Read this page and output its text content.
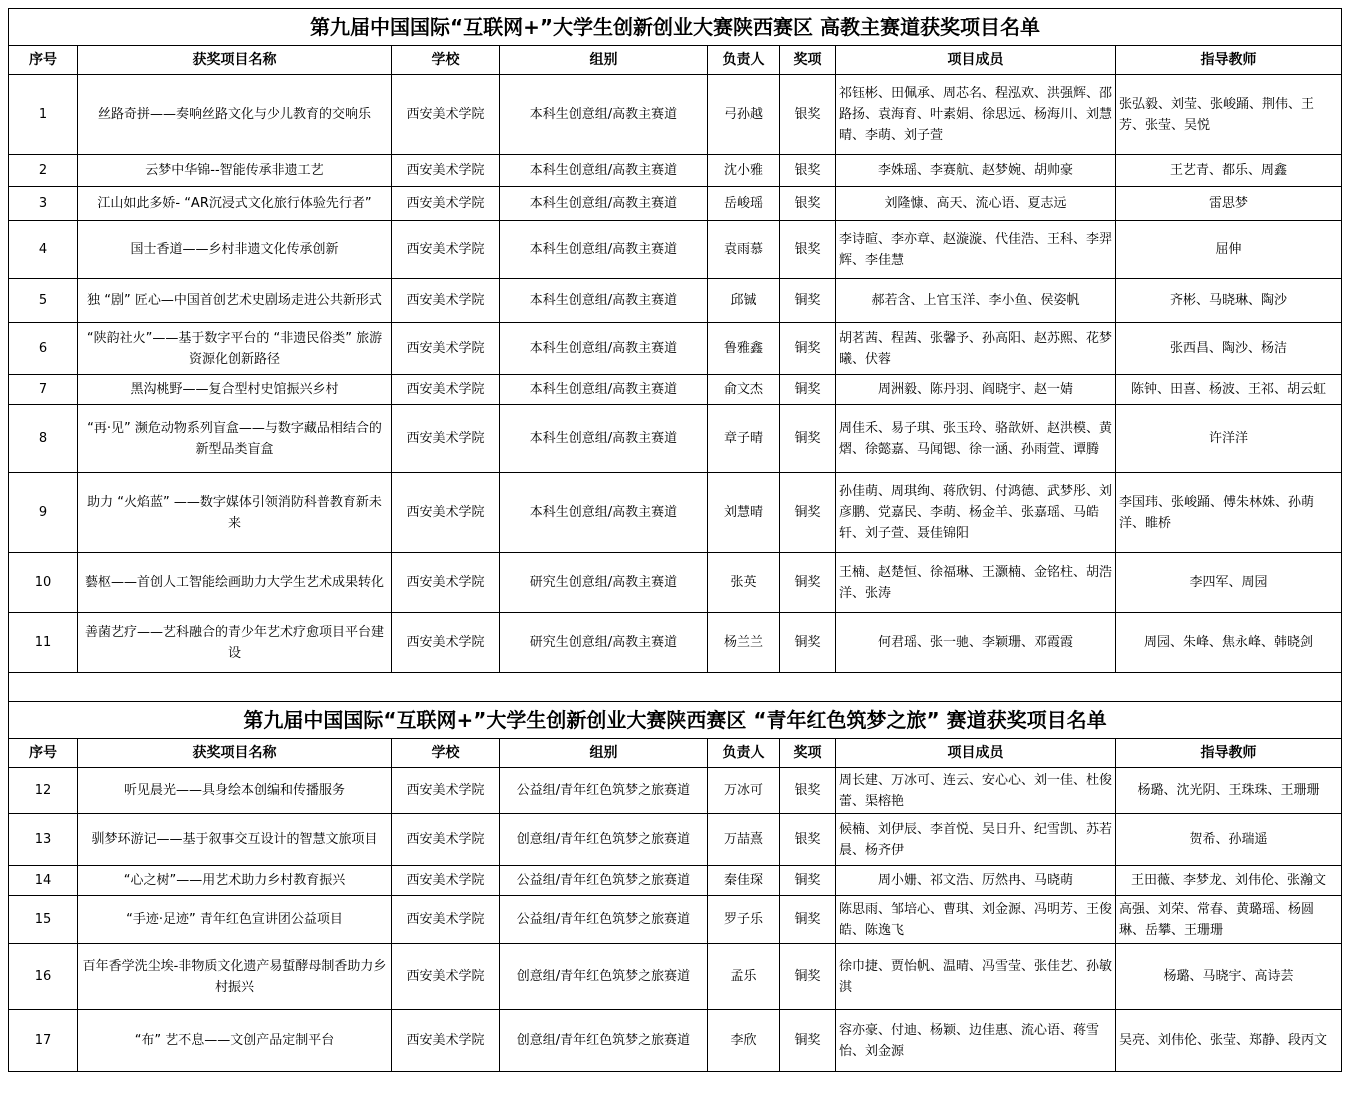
第九届中国国际“互联网+”大学生创新创业大赛陕西赛区 高教主赛道获奖项目名单							
序号	获奖项目名称	学校	组别	负责人	奖项	项目成员	指导教师
1	丝路奇拼——奏响丝路文化与少儿教育的交响乐	西安美术学院	本科生创意组/高教主赛道	弓孙越	银奖	祁钰彬、田佩承、周芯名、程泓欢、洪强辉、邵路扬、袁海育、叶素娟、徐思远、杨海川、刘慧晴、李萌、刘子萱	张弘毅、刘莹、张峻踊、荆伟、王芳、张莹、吴悦
2	云梦中华锦--智能传承非遗工艺	西安美术学院	本科生创意组/高教主赛道	沈小雅	银奖	李姝瑶、李赛航、赵梦婉、胡帅豪	王艺青、都乐、周鑫
3	江山如此多娇- “AR沉浸式文化旅行体验先行者”	西安美术学院	本科生创意组/高教主赛道	岳峻瑶	银奖	刘隆慷、高天、流心语、夏志远	雷思梦
4	国士香道——乡村非遗文化传承创新	西安美术学院	本科生创意组/高教主赛道	袁雨慕	银奖	李诗暄、李亦章、赵漩漩、代佳浩、王科、李羿辉、李佳慧	屈伸
5	独 “剧” 匠心—中国首创艺术史剧场走进公共新形式	西安美术学院	本科生创意组/高教主赛道	邱铖	铜奖	郝若含、上官玉洋、李小鱼、侯姿帆	齐彬、马晓琳、陶沙
6	“陕韵社火”——基于数字平台的 “非遗民俗类” 旅游资源化创新路径	西安美术学院	本科生创意组/高教主赛道	鲁雅鑫	铜奖	胡茗茜、程茜、张馨予、孙高阳、赵苏熙、花梦曦、伏蓉	张西昌、陶沙、杨洁
7	黑沟桃野——复合型村史馆振兴乡村	西安美术学院	本科生创意组/高教主赛道	俞文杰	铜奖	周洲毅、陈丹羽、阎晓宇、赵一婧	陈钟、田喜、杨波、王祁、胡云虹
8	“再·见” 濒危动物系列盲盒——与数字藏品相结合的新型品类盲盒	西安美术学院	本科生创意组/高教主赛道	章子晴	铜奖	周佳禾、易子琪、张玉玲、骆歆妍、赵洪模、黄熠、徐懿嘉、马闻锶、徐一涵、孙雨萱、谭腾	许洋洋
9	助力 “火焰蓝” ——数字媒体引领消防科普教育新未来	西安美术学院	本科生创意组/高教主赛道	刘慧晴	铜奖	孙佳萌、周琪绚、蒋欣钥、付鸿德、武梦彤、刘彦鹏、党嘉民、李萌、杨金羊、张嘉瑶、马皓轩、刘子萱、聂佳锦阳	李国玮、张峻踊、傅朱林姝、孙萌洋、睢桥
10	藝枢——首创人工智能绘画助力大学生艺术成果转化	西安美术学院	研究生创意组/高教主赛道	张英	铜奖	王楠、赵楚恒、徐福琳、王灏楠、金铭柱、胡浩洋、张涛	李四军、周园
11	善菌艺疗——艺科融合的青少年艺术疗愈项目平台建设	西安美术学院	研究生创意组/高教主赛道	杨兰兰	铜奖	何君瑶、张一驰、李颖珊、邓霞霞	周园、朱峰、焦永峰、韩晓剑

第九届中国国际“互联网+”大学生创新创业大赛陕西赛区 “青年红色筑梦之旅” 赛道获奖项目名单							
序号	获奖项目名称	学校	组别	负责人	奖项	项目成员	指导教师
12	听见晨光——具身绘本创编和传播服务	西安美术学院	公益组/青年红色筑梦之旅赛道	万冰可	银奖	周长建、万冰可、连云、安心心、刘一佳、杜俊蕾、渠榕艳	杨璐、沈光阴、王珠珠、王珊珊
13	驯梦环游记——基于叙事交互设计的智慧文旅项目	西安美术学院	创意组/青年红色筑梦之旅赛道	万喆熹	银奖	候楠、刘伊辰、李首悦、吴日升、纪雪凯、苏若晨、杨齐伊	贺希、孙瑞遥
14	“心之树”——用艺术助力乡村教育振兴	西安美术学院	公益组/青年红色筑梦之旅赛道	秦佳琛	铜奖	周小姗、祁文浩、厉然冉、马晓萌	王田薇、李梦龙、刘伟伦、张瀚文
15	“手迹·足迹” 青年红色宣讲团公益项目	西安美术学院	公益组/青年红色筑梦之旅赛道	罗子乐	铜奖	陈思雨、邹培心、曹琪、刘金源、冯明芳、王俊皓、陈逸飞	高强、刘荣、常春、黄璐瑶、杨圆琳、岳攀、王珊珊
16	百年香学洗尘埃-非物质文化遗产易蜇酵母制香助力乡村振兴	西安美术学院	创意组/青年红色筑梦之旅赛道	孟乐	铜奖	徐巾捷、贾怡帆、温晴、冯雪莹、张佳艺、孙敏淇	杨璐、马晓宇、高诗芸
17	“布” 艺不息——文创产品定制平台	西安美术学院	创意组/青年红色筑梦之旅赛道	李欣	铜奖	容亦豪、付迪、杨颖、边佳惠、流心语、蒋雪怡、刘金源	吴亮、刘伟伦、张莹、郑静、段丙文
